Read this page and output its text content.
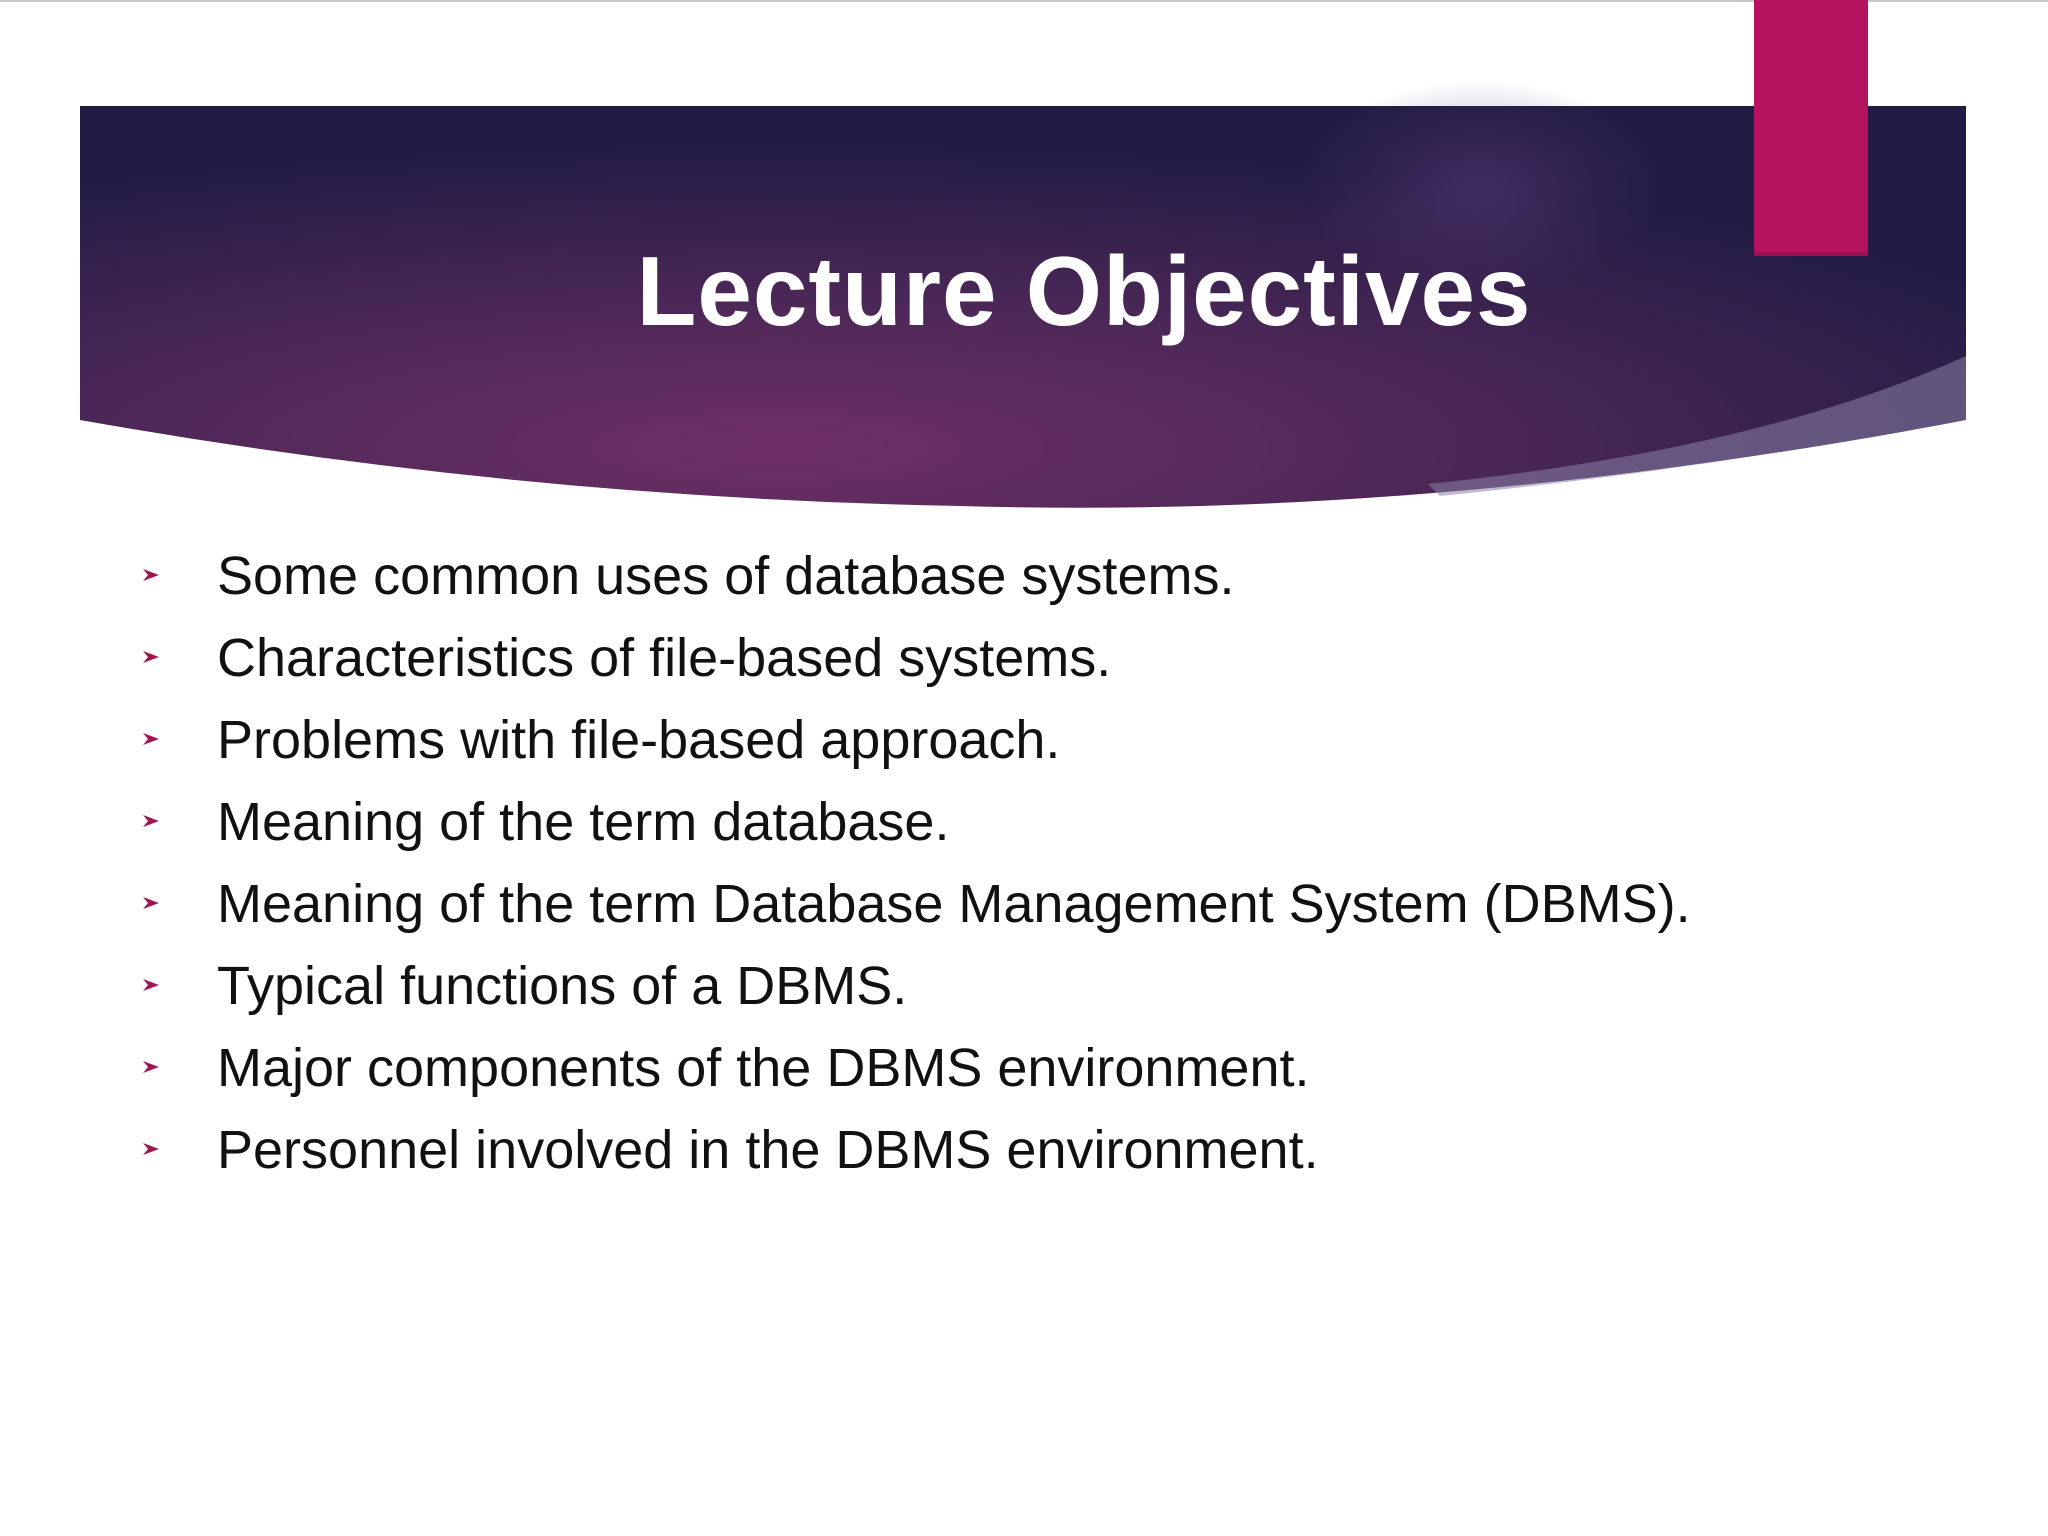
Lecture Objectives
Some common uses of database systems.
Characteristics of file-based systems.
Problems with file-based approach.
Meaning of the term database.
Meaning of the term Database Management System (DBMS).
Typical functions of a DBMS.
Major components of the DBMS environment.
Personnel involved in the DBMS environment.
